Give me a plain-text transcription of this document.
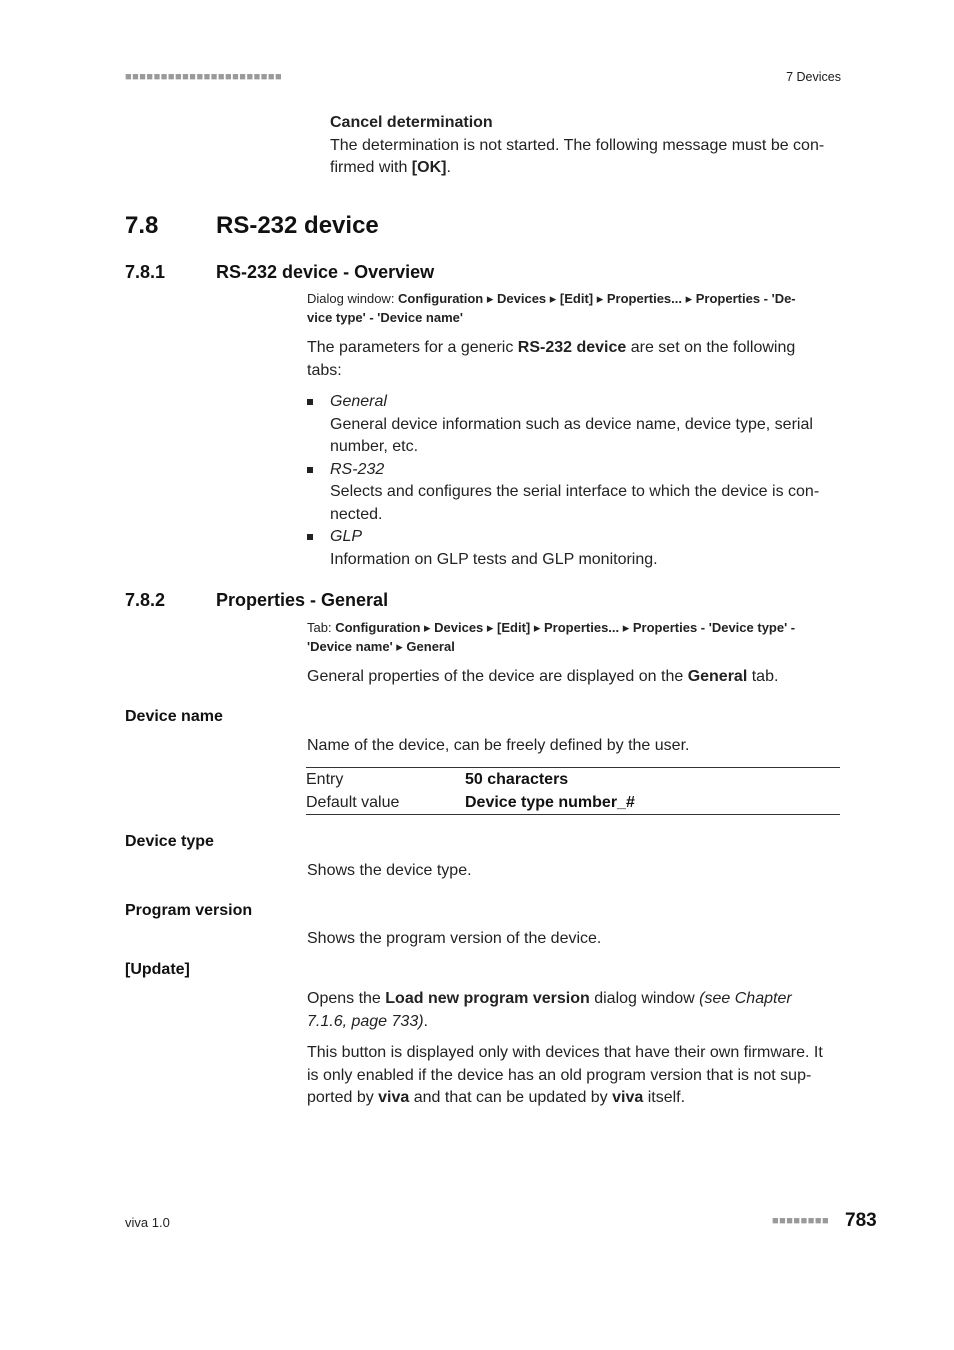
■■■■■■■■■■■■■■■■■■■■■■	7 Devices
Cancel determination
The determination is not started. The following message must be con-
firmed with [OK].
7.8 RS-232 device
7.8.1	RS-232 device - Overview
Dialog window: Configuration ▸ Devices ▸ [Edit] ▸ Properties... ▸ Properties - 'De-
vice type' - 'Device name'
The parameters for a generic RS-232 device are set on the following
tabs:
General
General device information such as device name, device type, serial
number, etc.
RS-232
Selects and configures the serial interface to which the device is con-
nected.
GLP
Information on GLP tests and GLP monitoring.
7.8.2	Properties - General
Tab: Configuration ▸ Devices ▸ [Edit] ▸ Properties... ▸ Properties - 'Device type' -
'Device name' ▸ General
General properties of the device are displayed on the General tab.
Device name
Name of the device, can be freely defined by the user.
Entry	50 characters
Default value	Device type number_#
Device type
Shows the device type.
Program version
Shows the program version of the device.
[Update]
Opens the Load new program version dialog window (see Chapter
7.1.6, page 733).
This button is displayed only with devices that have their own firmware. It
is only enabled if the device has an old program version that is not sup-
ported by viva and that can be updated by viva itself.
viva 1.0	■■■■■■■■ 783
